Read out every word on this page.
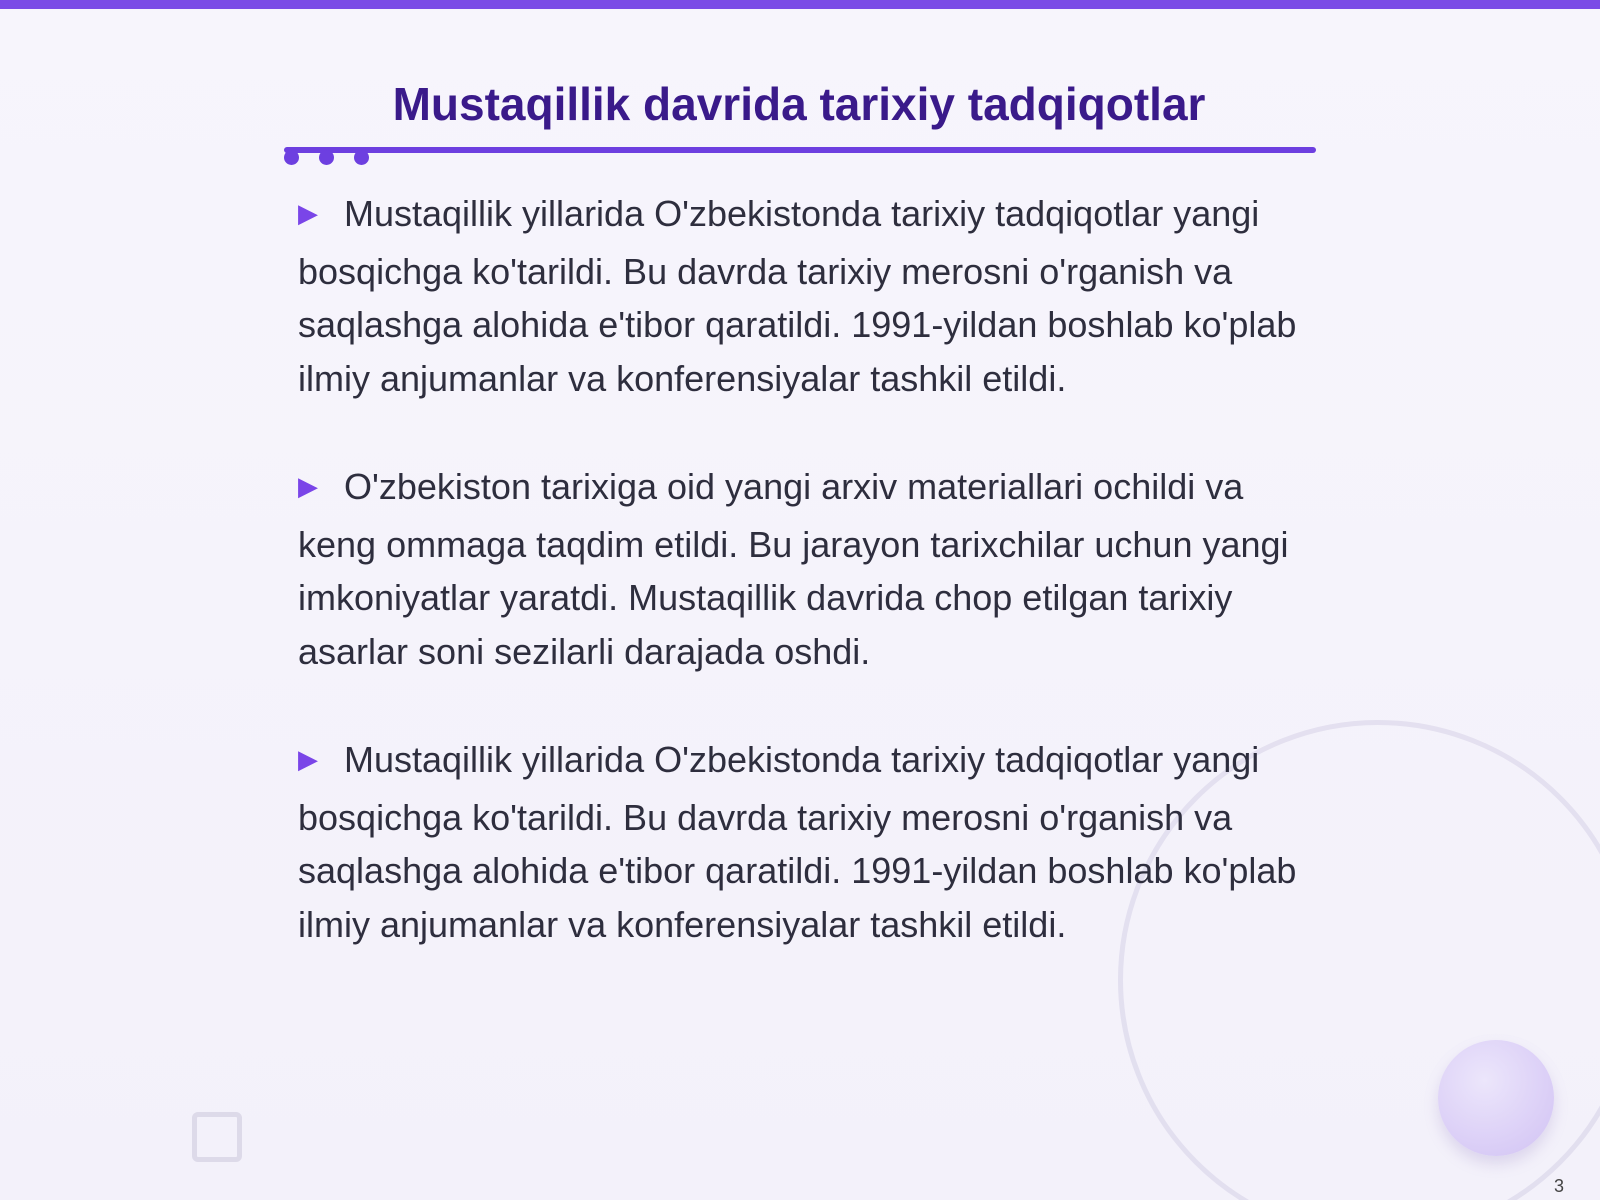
Mustaqillik davrida tarixiy tadqiqotlar

▶ Mustaqillik yillarida O'zbekistonda tarixiy tadqiqotlar yangi bosqichga ko'tarildi. Bu davrda tarixiy merosni o'rganish va saqlashga alohida e'tibor qaratildi. 1991-yildan boshlab ko'plab ilmiy anjumanlar va konferensiyalar tashkil etildi.

▶ O'zbekiston tarixiga oid yangi arxiv materiallari ochildi va keng ommaga taqdim etildi. Bu jarayon tarixchilar uchun yangi imkoniyatlar yaratdi. Mustaqillik davrida chop etilgan tarixiy asarlar soni sezilarli darajada oshdi.

▶ Mustaqillik yillarida O'zbekistonda tarixiy tadqiqotlar yangi bosqichga ko'tarildi. Bu davrda tarixiy merosni o'rganish va saqlashga alohida e'tibor qaratildi. 1991-yildan boshlab ko'plab ilmiy anjumanlar va konferensiyalar tashkil etildi.

3
